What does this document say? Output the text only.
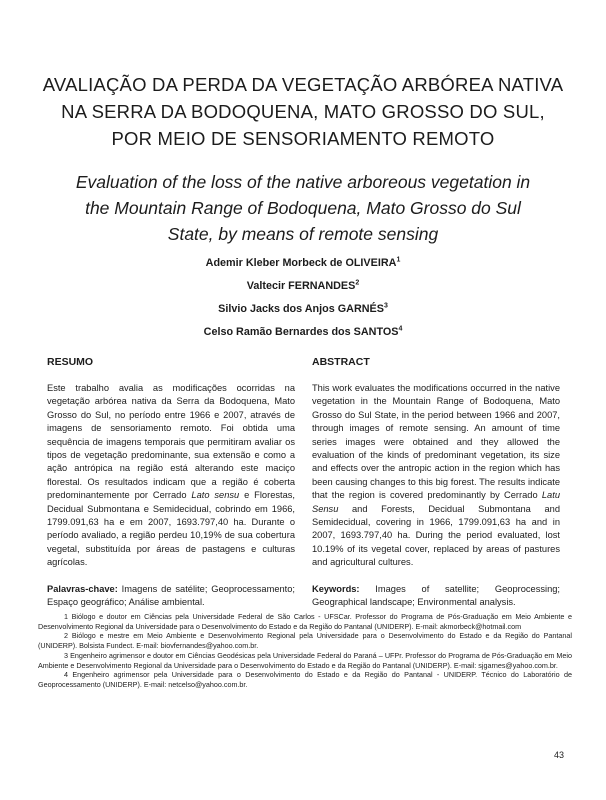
AVALIAÇÃO DA PERDA DA VEGETAÇÃO ARBÓREA NATIVA
NA SERRA DA BODOQUENA, MATO GROSSO DO SUL,
POR MEIO DE SENSORIAMENTO REMOTO
Evaluation of the loss of the native arboreous vegetation in
the Mountain Range of Bodoquena, Mato Grosso do Sul
State, by means of remote sensing
Ademir Kleber Morbeck de OLIVEIRA$^1$
Valtecir FERNANDES$^2$
Silvio Jacks dos Anjos GARNÉS$^3$
Celso Ramão Bernardes dos SANTOS$^4$
RESUMO

Este trabalho avalia as modificações ocorridas na vegetação arbórea nativa da Serra da Bodoquena, Mato Grosso do Sul, no período entre 1966 e 2007, através de imagens de sensoriamento remoto. Foi obtida uma sequência de imagens temporais que permitiram avaliar os tipos de vegetação predominante, sua extensão e como a ação antrópica na região está alterando este maciço florestal. Os resultados indicam que a região é coberta predominantemente por Cerrado Lato sensu e Florestas, Decidual Submontana e Semidecidual, cobrindo em 1966, 1799.091,63 ha e em 2007, 1693.797,40 ha. Durante o período avaliado, a região perdeu 10,19% de sua cobertura vegetal, substituída por áreas de pastagens e culturas agrícolas.

Palavras-chave: Imagens de satélite; Geoprocessamento; Espaço geográfico; Análise ambiental.

ABSTRACT

This work evaluates the modifications occurred in the native vegetation in the Mountain Range of Bodoquena, Mato Grosso do Sul State, in the period between 1966 and 2007, through images of remote sensing. An amount of time series images were obtained and they allowed the evaluation of the kinds of predominant vegetation, its size and effects over the antropic action in the region which has been causing changes to this big forest. The results indicate that the region is covered predominantly by Cerrado Latu Sensu and Forests, Decidual Submontana and Semidecidual, covering in 1966, 1799.091,63 ha and in 2007, 1693.797,40 ha. During the period evaluated, lost 10.19% of its vegetal cover, replaced by areas of pastures and agricultural cultures.

Keywords: Images of satellite; Geoprocessing; Geographical landscape; Environmental analysis.

1 Biólogo e doutor em Ciências pela Universidade Federal de São Carlos - UFSCar. Professor do Programa de Pós-Graduação em Meio Ambiente e Desenvolvimento Regional da Universidade para o Desenvolvimento do Estado e da Região do Pantanal (UNIDERP). E-mail: akmorbeck@hotmail.com

2 Biólogo e mestre em Meio Ambiente e Desenvolvimento Regional pela Universidade para o Desenvolvimento do Estado e da Região do Pantanal (UNIDERP). Bolsista Fundect. E-mail: biovfernandes@yahoo.com.br.

3 Engenheiro agrimensor e doutor em Ciências Geodésicas pela Universidade Federal do Paraná – UFPr. Professor do Programa de Pós-Graduação em Meio Ambiente e Desenvolvimento Regional da Universidade para o Desenvolvimento do Estado e da Região do Pantanal (UNIDERP). E-mail: sjgarnes@yahoo.com.br.

4 Engenheiro agrimensor pela Universidade para o Desenvolvimento do Estado e da Região do Pantanal - UNIDERP. Técnico do Laboratório de Geoprocessamento (UNIDERP). E-mail: netcelso@yahoo.com.br.

43
